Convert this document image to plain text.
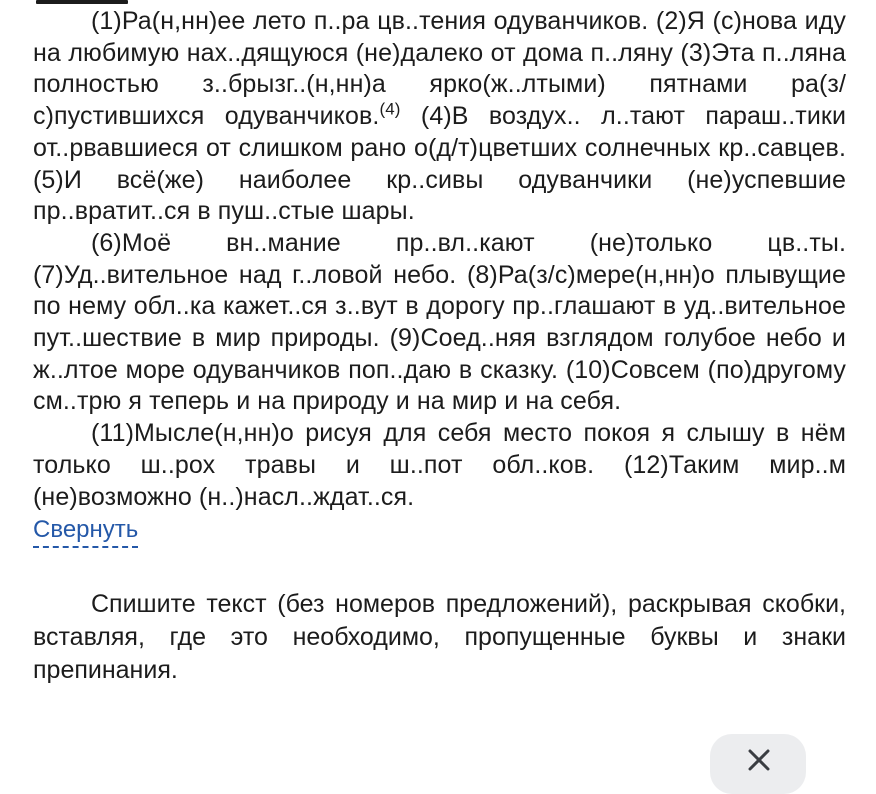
(1)Ра(н,нн)ее лето п..ра цв..тения одуванчиков. (2)Я (с)нова иду на любимую нах..дящуюся (не)далеко от дома п..ляну (3)Эта п..ляна полностью з..брызг..(н,нн)а ярко(ж..лтыми) пятнами ра(з/с)пустившихся одуванчиков.$^{(4)}$ (4)В воздух.. л..тают параш..тики от..рвавшиеся от слишком рано о(д/т)цветших солнечных кр..савцев. (5)И всё(же) наиболее кр..сивы одуванчики (не)успевшие пр..вратит..ся в пуш..стые шары.

(6)Моё вн..мание пр..вл..кают (не)только цв..ты. (7)Уд..вительное над г..ловой небо. (8)Ра(з/с)мере(н,нн)о плывущие по нему обл..ка кажет..ся з..вут в дорогу пр..глашают в уд..вительное пут..шествие в мир природы. (9)Соед..няя взглядом голубое небо и ж..лтое море одуванчиков поп..даю в сказку. (10)Совсем (по)другому см..трю я теперь и на природу и на мир и на себя.

(11)Мысле(н,нн)о рисуя для себя место покоя я слышу в нём только ш..рох травы и ш..пот обл..ков. (12)Таким мир..м (не)возможно (н..)насл..ждат..ся.

Свернуть

Спишите текст (без номеров предложений), раскрывая скобки, вставляя, где это необходимо, пропущенные буквы и знаки препинания.
